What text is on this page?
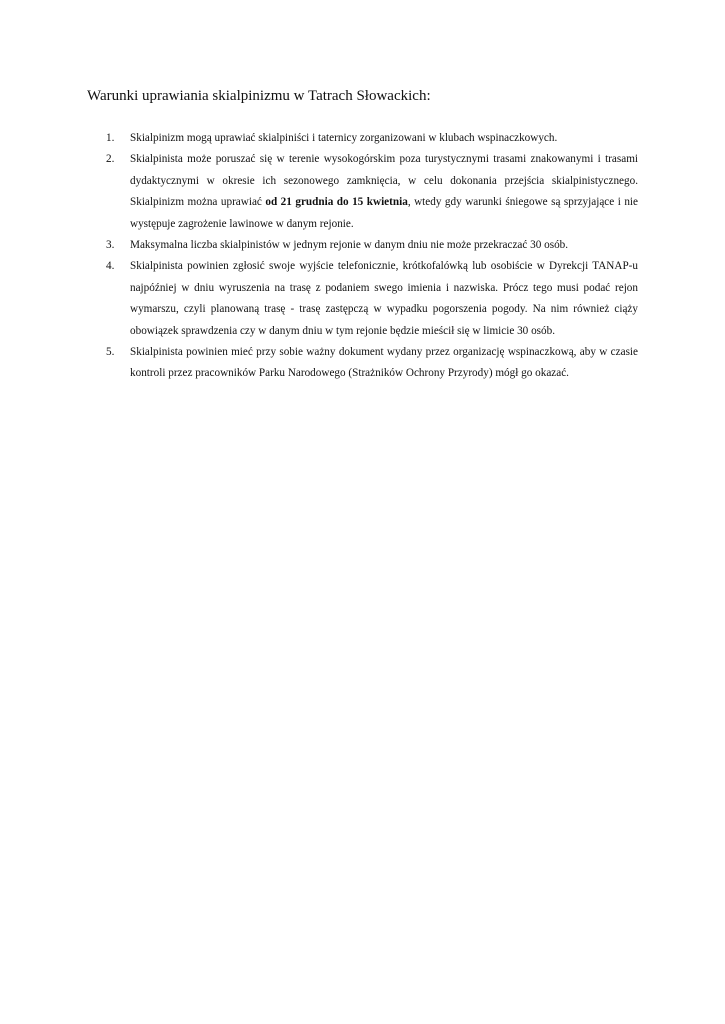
Warunki uprawiania skialpinizmu w Tatrach Słowackich:
1. Skialpinizm mogą uprawiać skialpiniści i taternicy zorganizowani w klubach wspinaczkowych.
2. Skialpinista może poruszać się w terenie wysokogórskim poza turystycznymi trasami znakowanymi i trasami dydaktycznymi w okresie ich sezonowego zamknięcia, w celu dokonania przejścia skialpinistycznego. Skialpinizm można uprawiać od 21 grudnia do 15 kwietnia, wtedy gdy warunki śniegowe są sprzyjające i nie występuje zagrożenie lawinowe w danym rejonie.
3. Maksymalna liczba skialpinistów w jednym rejonie w danym dniu nie może przekraczać 30 osób.
4. Skialpinista powinien zgłosić swoje wyjście telefonicznie, krótkofalówką lub osobiście w Dyrekcji TANAP-u najpóźniej w dniu wyruszenia na trasę z podaniem swego imienia i nazwiska. Prócz tego musi podać rejon wymarszu, czyli planowaną trasę - trasę zastępczą w wypadku pogorszenia pogody. Na nim również ciąży obowiązek sprawdzenia czy w danym dniu w tym rejonie będzie mieścił się w limicie 30 osób.
5. Skialpinista powinien mieć przy sobie ważny dokument wydany przez organizację wspinaczkową, aby w czasie kontroli przez pracowników Parku Narodowego (Strażników Ochrony Przyrody) mógł go okazać.
